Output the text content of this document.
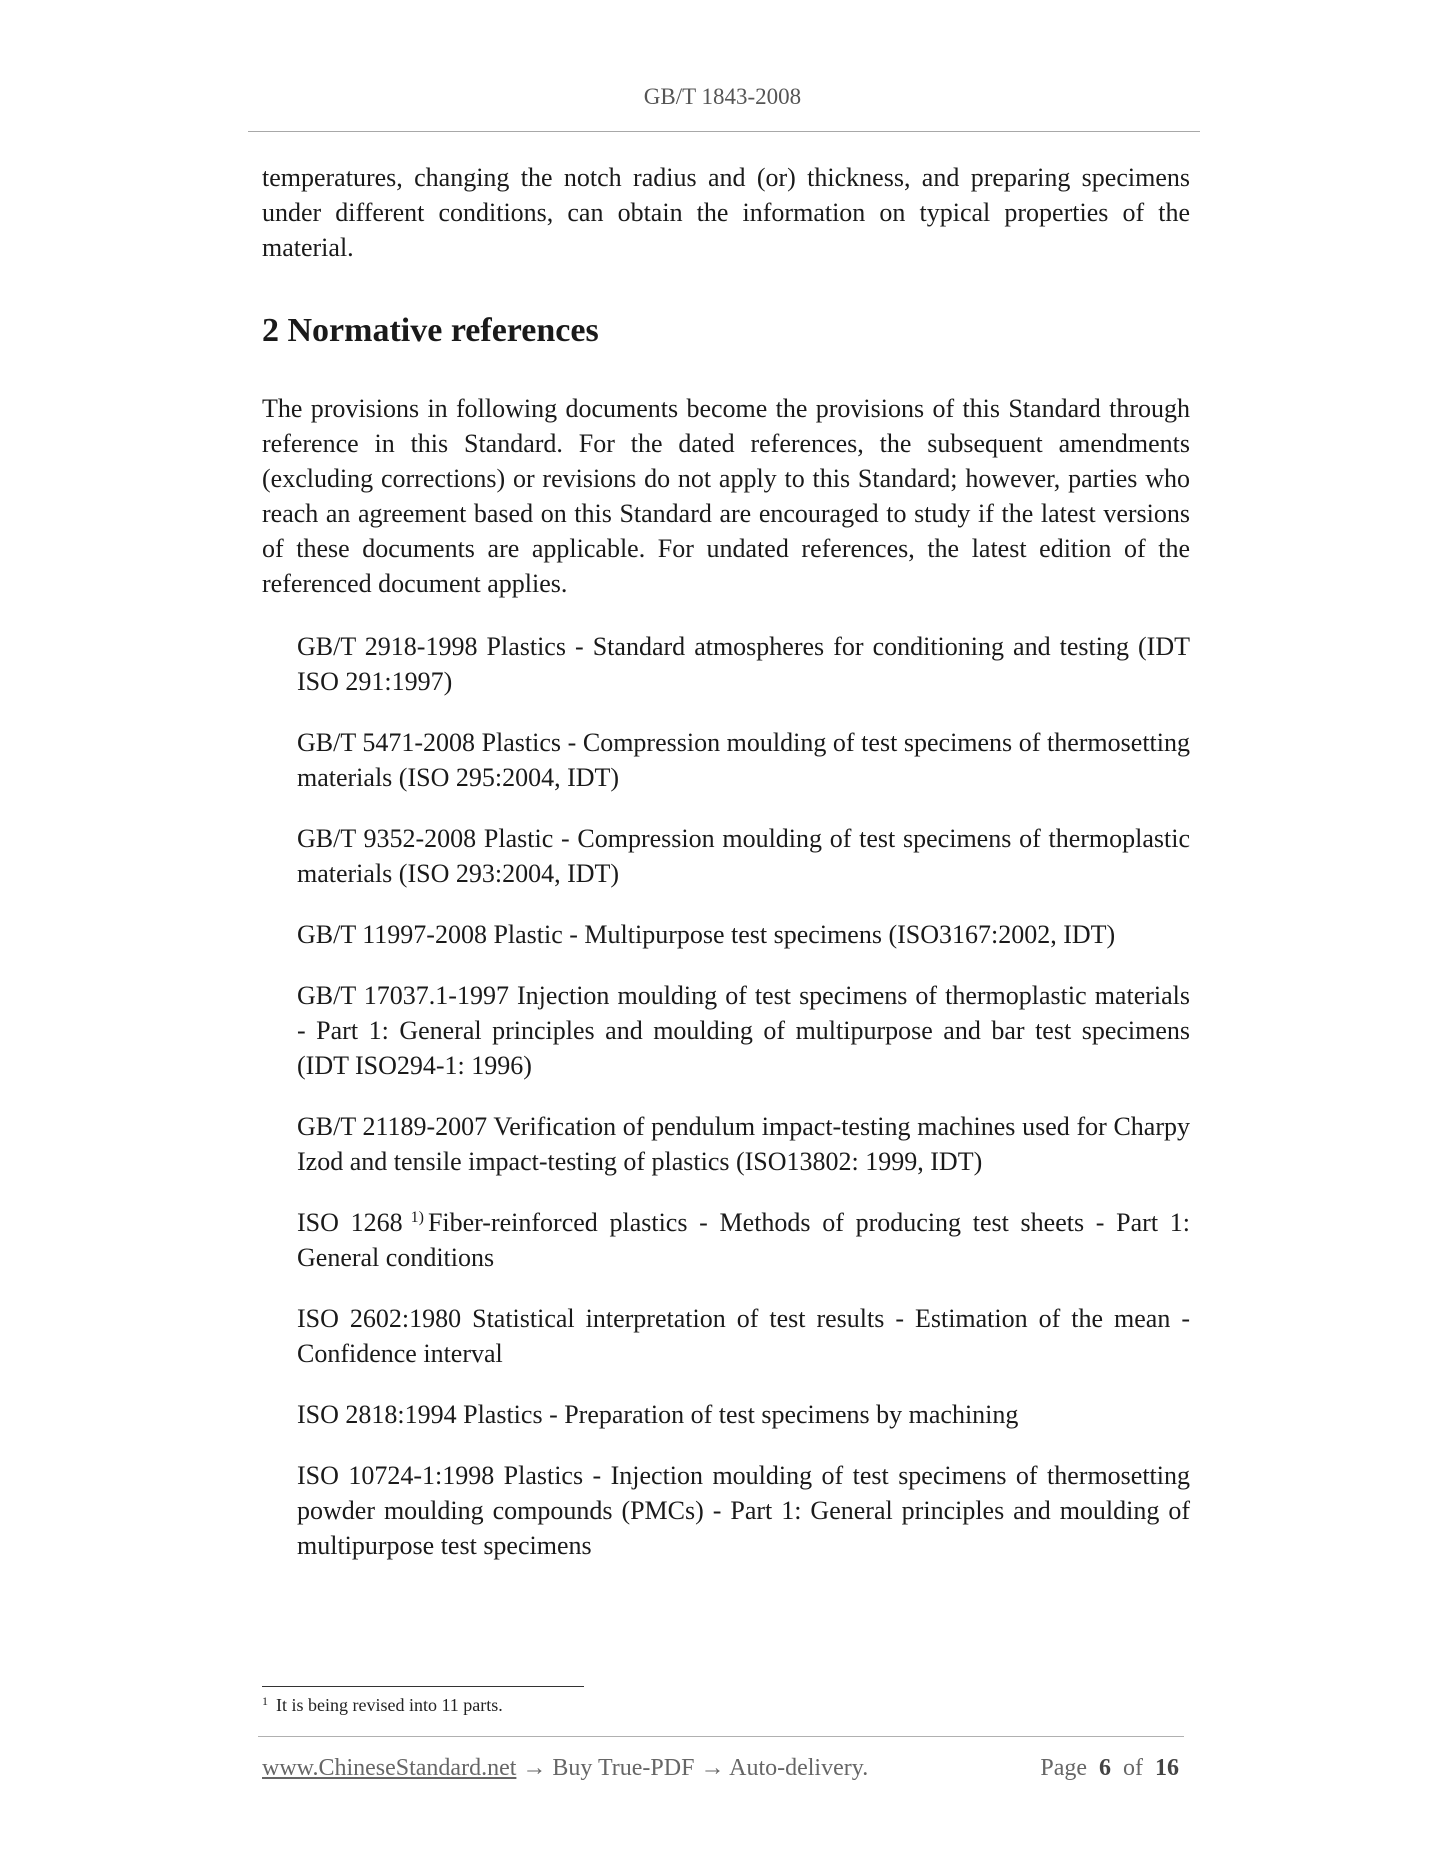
GB/T 1843-2008

temperatures, changing the notch radius and (or) thickness, and preparing specimens under different conditions, can obtain the information on typical properties of the material.

2 Normative references

The provisions in following documents become the provisions of this Standard through reference in this Standard. For the dated references, the subsequent amendments (excluding corrections) or revisions do not apply to this Standard; however, parties who reach an agreement based on this Standard are encouraged to study if the latest versions of these documents are applicable. For undated references, the latest edition of the referenced document applies.

GB/T 2918-1998 Plastics - Standard atmospheres for conditioning and testing (IDT ISO 291:1997)

GB/T 5471-2008 Plastics - Compression moulding of test specimens of thermosetting materials (ISO 295:2004, IDT)

GB/T 9352-2008 Plastic - Compression moulding of test specimens of thermoplastic materials (ISO 293:2004, IDT)

GB/T 11997-2008 Plastic - Multipurpose test specimens (ISO3167:2002, IDT)

GB/T 17037.1-1997 Injection moulding of test specimens of thermoplastic materials - Part 1: General principles and moulding of multipurpose and bar test specimens (IDT ISO294-1: 1996)

GB/T 21189-2007 Verification of pendulum impact-testing machines used for Charpy Izod and tensile impact-testing of plastics (ISO13802: 1999, IDT)

ISO 1268 $^{1)}$ Fiber-reinforced plastics - Methods of producing test sheets - Part 1: General conditions

ISO 2602:1980 Statistical interpretation of test results - Estimation of the mean - Confidence interval

ISO 2818:1994 Plastics - Preparation of test specimens by machining

ISO 10724-1:1998 Plastics - Injection moulding of test specimens of thermosetting powder moulding compounds (PMCs) - Part 1: General principles and moulding of multipurpose test specimens

$^1$ It is being revised into 11 parts.
www.ChineseStandard.net → Buy True-PDF → Auto-delivery.	Page 6 of 16
